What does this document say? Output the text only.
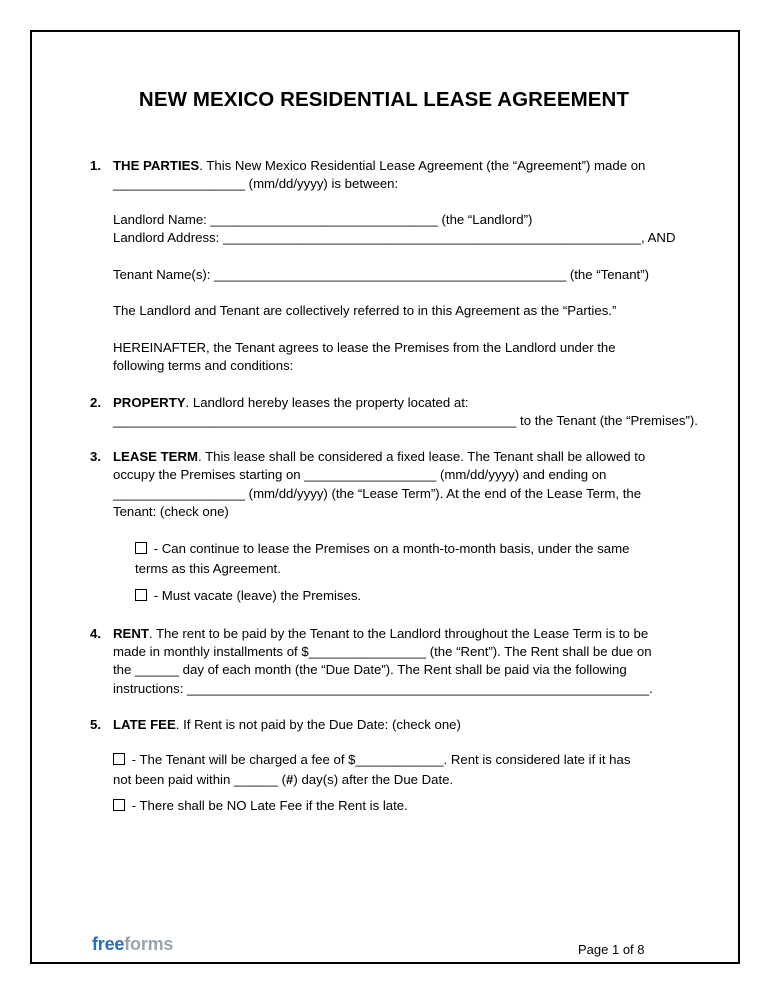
NEW MEXICO RESIDENTIAL LEASE AGREEMENT
1. THE PARTIES. This New Mexico Residential Lease Agreement (the “Agreement”) made on
__________________ (mm/dd/yyyy) is between:
Landlord Name: _______________________________ (the “Landlord”)
Landlord Address: _________________________________________________________, AND
Tenant Name(s): ________________________________________________ (the “Tenant”)
The Landlord and Tenant are collectively referred to in this Agreement as the “Parties.”
HEREINAFTER, the Tenant agrees to lease the Premises from the Landlord under the
following terms and conditions:
2. PROPERTY. Landlord hereby leases the property located at:
_______________________________________________________ to the Tenant (the “Premises”).
3. LEASE TERM. This lease shall be considered a fixed lease. The Tenant shall be allowed to
occupy the Premises starting on __________________ (mm/dd/yyyy) and ending on
__________________ (mm/dd/yyyy) (the “Lease Term”). At the end of the Lease Term, the
Tenant: (check one)
- Can continue to lease the Premises on a month-to-month basis, under the same
terms as this Agreement.
- Must vacate (leave) the Premises.
4. RENT. The rent to be paid by the Tenant to the Landlord throughout the Lease Term is to be
made in monthly installments of $________________ (the “Rent”). The Rent shall be due on
the ______ day of each month (the “Due Date”). The Rent shall be paid via the following
instructions: _______________________________________________________________.
5. LATE FEE. If Rent is not paid by the Due Date: (check one)
- The Tenant will be charged a fee of $____________. Rent is considered late if it has
not been paid within ______ (#) day(s) after the Due Date.
- There shall be NO Late Fee if the Rent is late.
freeforms	Page 1 of 8
